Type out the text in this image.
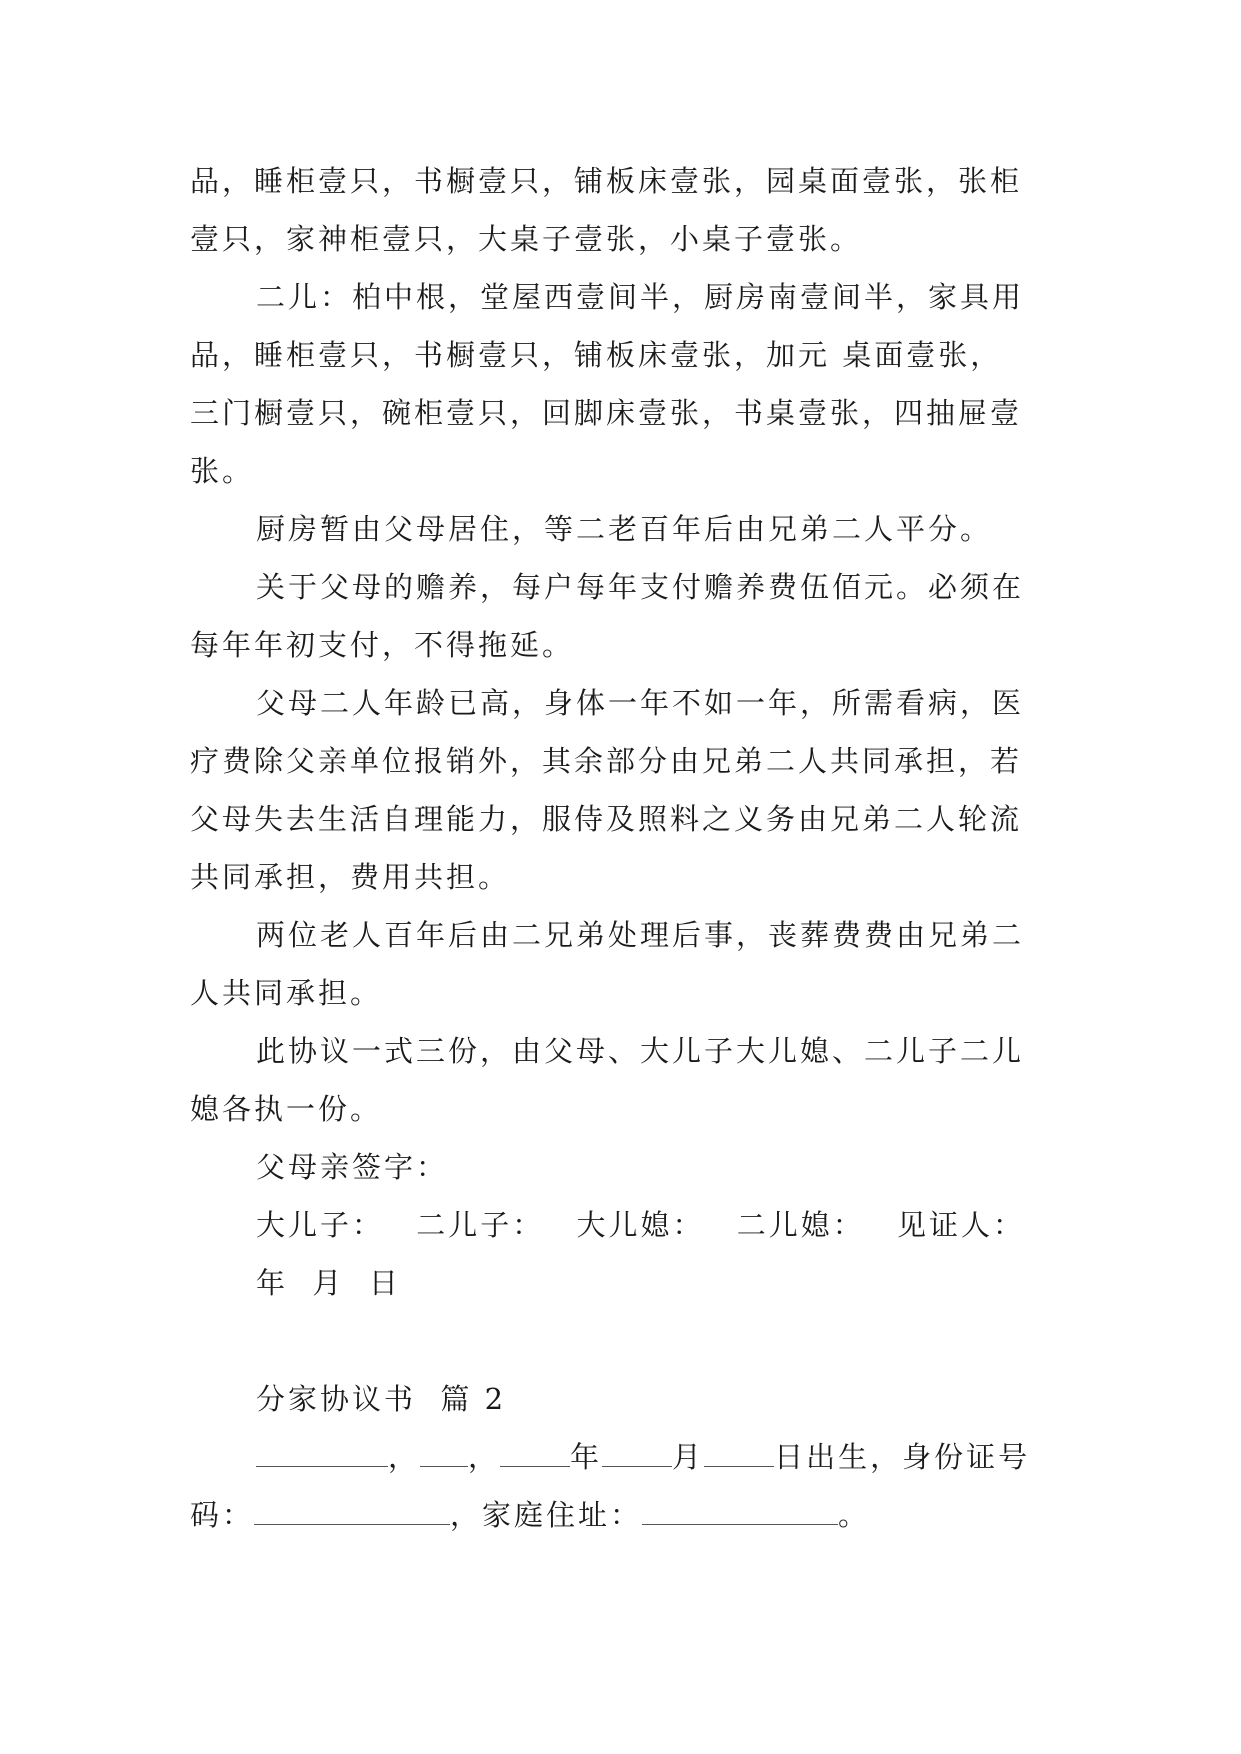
品，睡柜壹只，书橱壹只，铺板床壹张，园桌面壹张，张柜
壹只，家神柜壹只，大桌子壹张，小桌子壹张。
二儿：柏中根，堂屋西壹间半，厨房南壹间半，家具用
品，睡柜壹只，书橱壹只，铺板床壹张，加元 桌面壹张，
三门橱壹只，碗柜壹只，回脚床壹张，书桌壹张，四抽屉壹
张。
厨房暂由父母居住，等二老百年后由兄弟二人平分。
关于父母的赡养，每户每年支付赡养费伍佰元。必须在
每年年初支付，不得拖延。
父母二人年龄已高，身体一年不如一年，所需看病，医
疗费除父亲单位报销外，其余部分由兄弟二人共同承担，若
父母失去生活自理能力，服侍及照料之义务由兄弟二人轮流
共同承担，费用共担。
两位老人百年后由二兄弟处理后事，丧葬费费由兄弟二
人共同承担。
此协议一式三份，由父母、大儿子大儿媳、二儿子二儿
媳各执一份。
父母亲签字：
大儿子： 二儿子： 大儿媳： 二儿媳： 见证人：
年  月  日
分家协议书  篇 2
， ， 年 月 日出生，身份证号
码：	，家庭住址：	。
